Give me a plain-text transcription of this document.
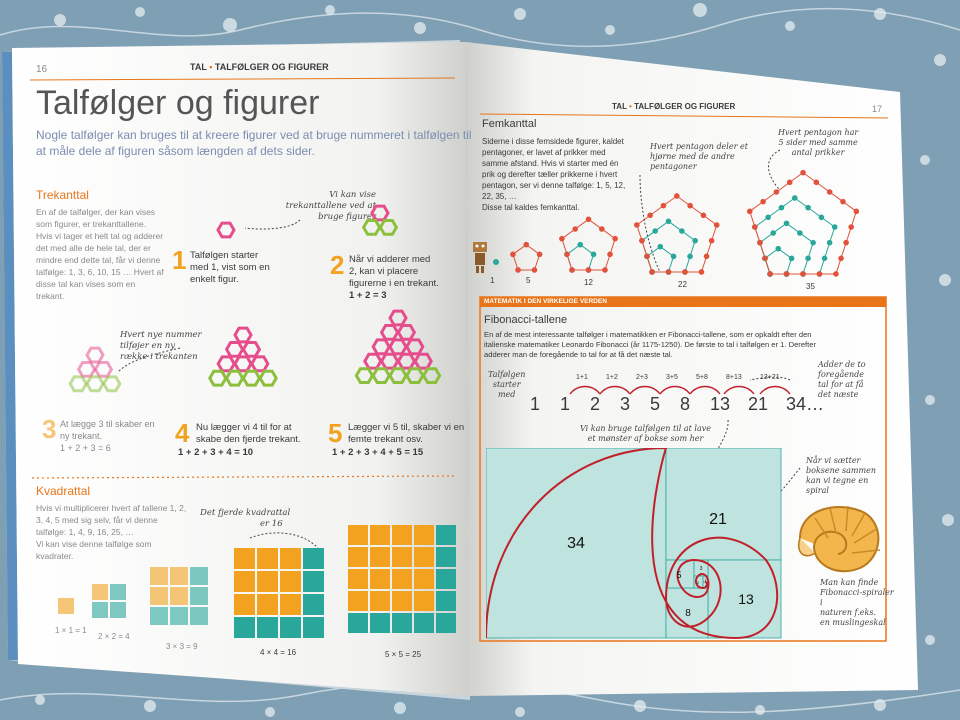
16	TAL • TALFØLGER OG FIGURER
Talfølger og figurer
Nogle talfølger kan bruges til at kreere figurer ved at bruge nummeret i talfølgen til
at måle dele af figuren såsom længden af dets sider.
Trekanttal
En af de talfølger, der kan vises
som figurer, er trekanttallene.
Hvis vi tager et helt tal og adderer
det med alle de hele tal, der er
mindre end dette tal, får vi denne
talfølge: 1, 3, 6, 10, 15 … Hvert af
disse tal kan vises som en
trekant.
Vi kan vise
trekanttallene ved at
bruge figurer
1 Talfølgen starter
med 1, vist som en
enkelt figur.	2 Når vi adderer med
2, kan vi placere
figurerne i en trekant.
1 + 2 = 3
Hvert nye nummer
tilføjer en ny
række i trekanten
3 At lægge 3 til skaber en
ny trekant.
1 + 2 + 3 = 6	4 Nu lægger vi 4 til for at
skabe den fjerde trekant.
1 + 2 + 3 + 4 = 10
5 Lægger vi 5 til, skaber vi en
femte trekant osv.
1 + 2 + 3 + 4 + 5 = 15
Kvadrattal
Hvis vi multiplicerer hvert af tallene 1, 2,
3, 4, 5 med sig selv, får vi denne
talfølge: 1, 4, 9, 16, 25, …
Vi kan vise denne talfølge som
kvadrater.
Det fjerde kvadrattal
er 16
1 × 1 = 1
2 × 2 = 4
3 × 3 = 9
4 × 4 = 16	5 × 5 = 25
TAL • TALFØLGER OG FIGURER	17
Femkanttal
Siderne i disse femsidede figurer, kaldet
pentagoner, er lavet af prikker med
samme afstand. Hvis vi starter med én
prik og derefter tæller prikkerne i hvert
pentagon, ser vi denne talfølge: 1, 5, 12,
22, 35, …
Disse tal kaldes femkanttal.
Hvert pentagon deler et
hjørne med de andre
pentagoner
Hvert pentagon har
5 sider med samme
antal prikker
1	5	12	22	35
MATEMATIK I DEN VIRKELIGE VERDEN
Fibonacci-tallene
En af de mest interessante talfølger i matematikken er Fibonacci-tallene, som er opkaldt efter den
italienske matematiker Leonardo Fibonacci (år 1175-1250). De første to tal i talfølgen er 1. Derefter
adderer man de foregående to tal for at få det næste tal.
Talfølgen
starter
med 1 1 2 3 5 8 13 21 34…
1+1	1+2	2+3	3+5	5+8	8+13	13+21
Adder de to
foregående
tal for at få
det næste
Vi kan bruge talfølgen til at lave
et mønster af bokse som her
Når vi sætter
boksene sammen
kan vi tegne en
spiral
Man kan finde
Fibonacci-spiraler
i
naturen f.eks.
en muslingeskal
34
21
13
8
5
3
2 1
1
